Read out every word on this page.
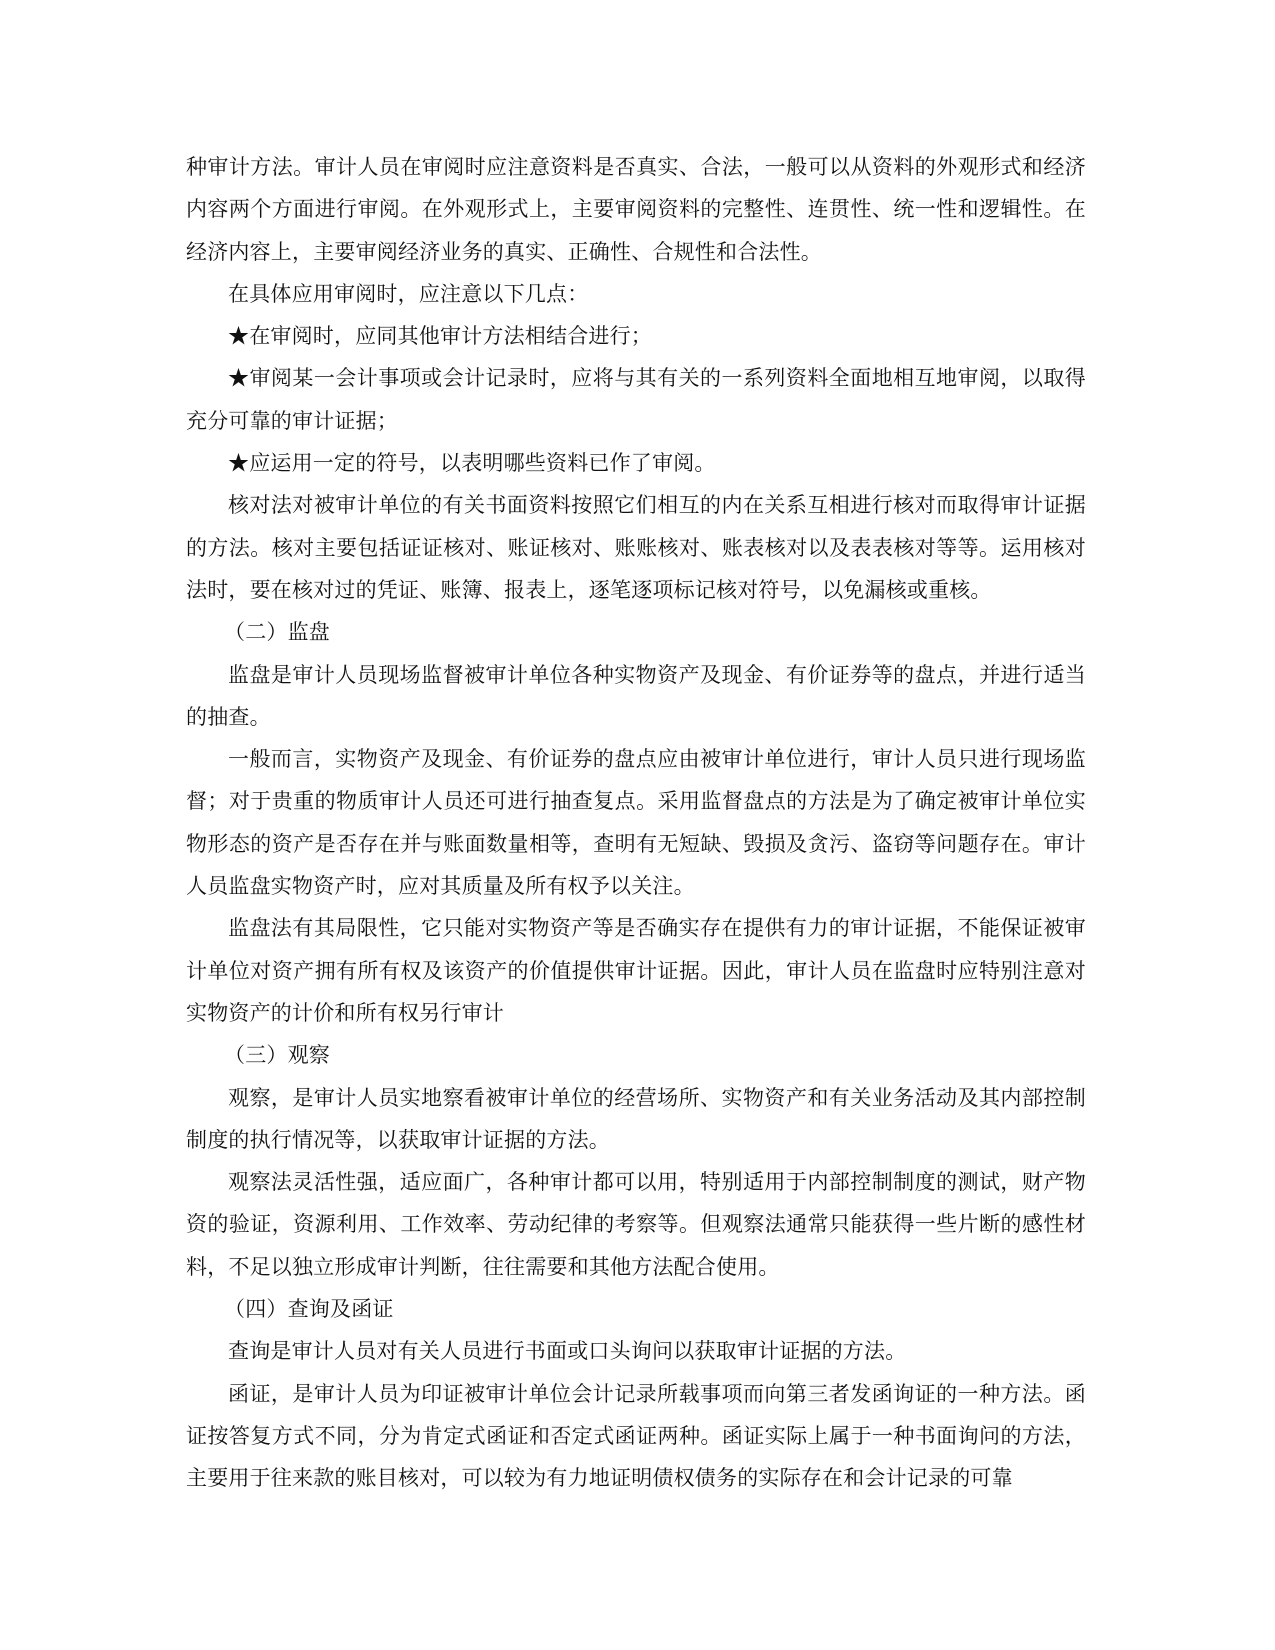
种审计方法。审计人员在审阅时应注意资料是否真实、合法，一般可以从资料的外观形式和经济内容两个方面进行审阅。在外观形式上，主要审阅资料的完整性、连贯性、统一性和逻辑性。在经济内容上，主要审阅经济业务的真实、正确性、合规性和合法性。

在具体应用审阅时，应注意以下几点：

★在审阅时，应同其他审计方法相结合进行；

★审阅某一会计事项或会计记录时，应将与其有关的一系列资料全面地相互地审阅，以取得充分可靠的审计证据；

★应运用一定的符号，以表明哪些资料已作了审阅。

核对法对被审计单位的有关书面资料按照它们相互的内在关系互相进行核对而取得审计证据的方法。核对主要包括证证核对、账证核对、账账核对、账表核对以及表表核对等等。运用核对法时，要在核对过的凭证、账簿、报表上，逐笔逐项标记核对符号，以免漏核或重核。

（二）监盘

监盘是审计人员现场监督被审计单位各种实物资产及现金、有价证券等的盘点，并进行适当的抽查。

一般而言，实物资产及现金、有价证券的盘点应由被审计单位进行，审计人员只进行现场监督；对于贵重的物质审计人员还可进行抽查复点。采用监督盘点的方法是为了确定被审计单位实物形态的资产是否存在并与账面数量相等，查明有无短缺、毁损及贪污、盗窃等问题存在。审计人员监盘实物资产时，应对其质量及所有权予以关注。

监盘法有其局限性，它只能对实物资产等是否确实存在提供有力的审计证据，不能保证被审计单位对资产拥有所有权及该资产的价值提供审计证据。因此，审计人员在监盘时应特别注意对实物资产的计价和所有权另行审计

（三）观察

观察，是审计人员实地察看被审计单位的经营场所、实物资产和有关业务活动及其内部控制制度的执行情况等，以获取审计证据的方法。

观察法灵活性强，适应面广，各种审计都可以用，特别适用于内部控制制度的测试，财产物资的验证，资源利用、工作效率、劳动纪律的考察等。但观察法通常只能获得一些片断的感性材料，不足以独立形成审计判断，往往需要和其他方法配合使用。

（四）查询及函证

查询是审计人员对有关人员进行书面或口头询问以获取审计证据的方法。

函证，是审计人员为印证被审计单位会计记录所载事项而向第三者发函询证的一种方法。函证按答复方式不同，分为肯定式函证和否定式函证两种。函证实际上属于一种书面询问的方法，主要用于往来款的账目核对，可以较为有力地证明债权债务的实际存在和会计记录的可靠
